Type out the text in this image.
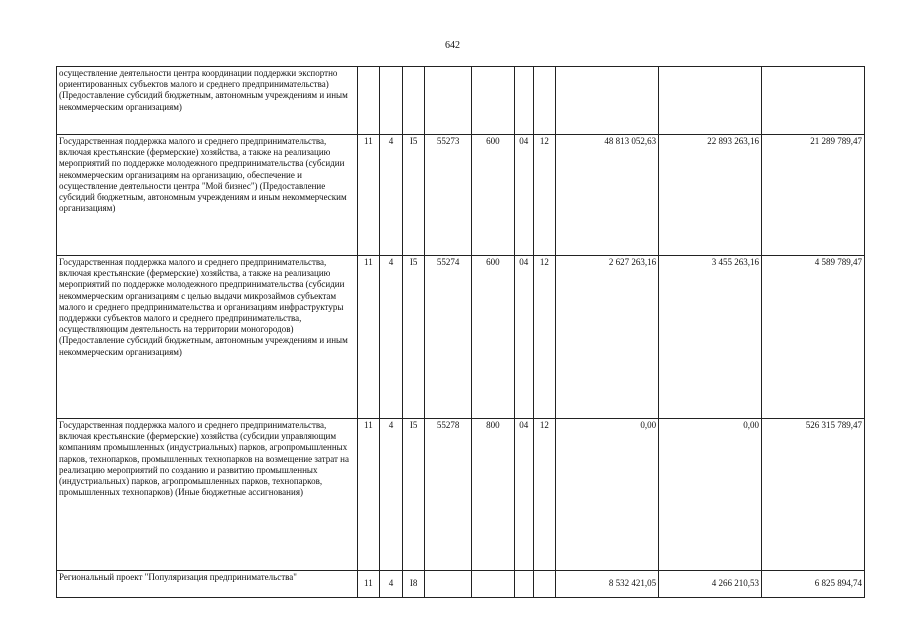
642
осуществление деятельности центра координации поддержки экспортно ориентированных субъектов малого и среднего предпринимательства) (Предоставление субсидий бюджетным, автономным учреждениям и иным некоммерческим организациям)										
Государственная поддержка малого и среднего предпринимательства, включая крестьянские (фермерские) хозяйства, а также на реализацию мероприятий по поддержке молодежного предпринимательства (субсидии некоммерческим организациям на организацию, обеспечение и осуществление деятельности центра "Мой бизнес") (Предоставление субсидий бюджетным, автономным учреждениям и иным некоммерческим организациям)	11	4	I5	55273	600	04	12	48 813 052,63	22 893 263,16	21 289 789,47
Государственная поддержка малого и среднего предпринимательства, включая крестьянские (фермерские) хозяйства, а также на реализацию мероприятий по поддержке молодежного предпринимательства (субсидии некоммерческим организациям с целью выдачи микрозаймов субъектам малого и среднего предпринимательства и организациям инфраструктуры поддержки субъектов малого и среднего предпринимательства, осуществляющим деятельность на территории моногородов) (Предоставление субсидий бюджетным, автономным учреждениям и иным некоммерческим организациям)	11	4	I5	55274	600	04	12	2 627 263,16	3 455 263,16	4 589 789,47
Государственная поддержка малого и среднего предпринимательства, включая крестьянские (фермерские) хозяйства (субсидии управляющим компаниям промышленных (индустриальных) парков, агропромышленных парков, технопарков, промышленных технопарков на возмещение затрат на реализацию мероприятий по созданию и развитию промышленных (индустриальных) парков, агропромышленных парков, технопарков, промышленных технопарков) (Иные бюджетные ассигнования)	11	4	I5	55278	800	04	12	0,00	0,00	526 315 789,47
Региональный проект "Популяризация предпринимательства"	11	4	I8					8 532 421,05	4 266 210,53	6 825 894,74
